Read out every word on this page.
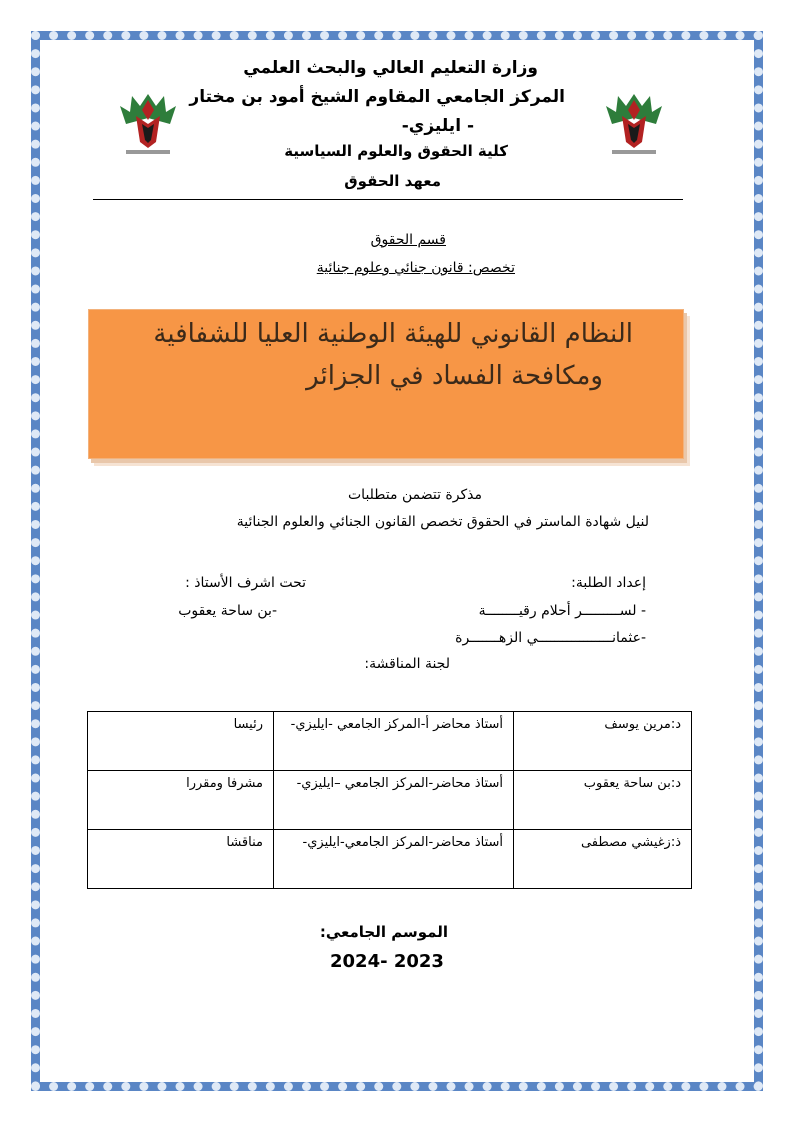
وزارة التعليم العالي والبحث العلمي
المركز الجامعي المقاوم الشيخ أمود بن مختار
- ايليزي-
كلية الحقوق والعلوم السياسية
معهد الحقوق
قسم الحقوق
تخصص: قانون جنائي وعلوم جنائية
النظام القانوني للهيئة الوطنية العليا للشفافية
ومكافحة الفساد في الجزائر
مذكرة تتضمن متطلبات
لنيل شهادة الماستر في الحقوق تخصص القانون الجنائي والعلوم الجنائية
إعداد الطلبة:
تحت اشرف الأستاذ :
- لســـــــــر أحلام رقيــــــــة
-بن ساحة يعقوب
-عثمانــــــــــــــــــي الزهـــــــرة
لجنة المناقشة:
د:مرين يوسف	أستاذ محاضر أ-المركز الجامعي -ايليزي-	رئيسا
د:بن ساحة يعقوب	أستاذ محاضر-المركز الجامعي –ايليزي-	مشرفا ومقررا
ذ:زغيشي مصطفى	أستاذ محاضر-المركز الجامعي-ايليزي-	مناقشا
الموسم الجامعي:
2024- 2023
